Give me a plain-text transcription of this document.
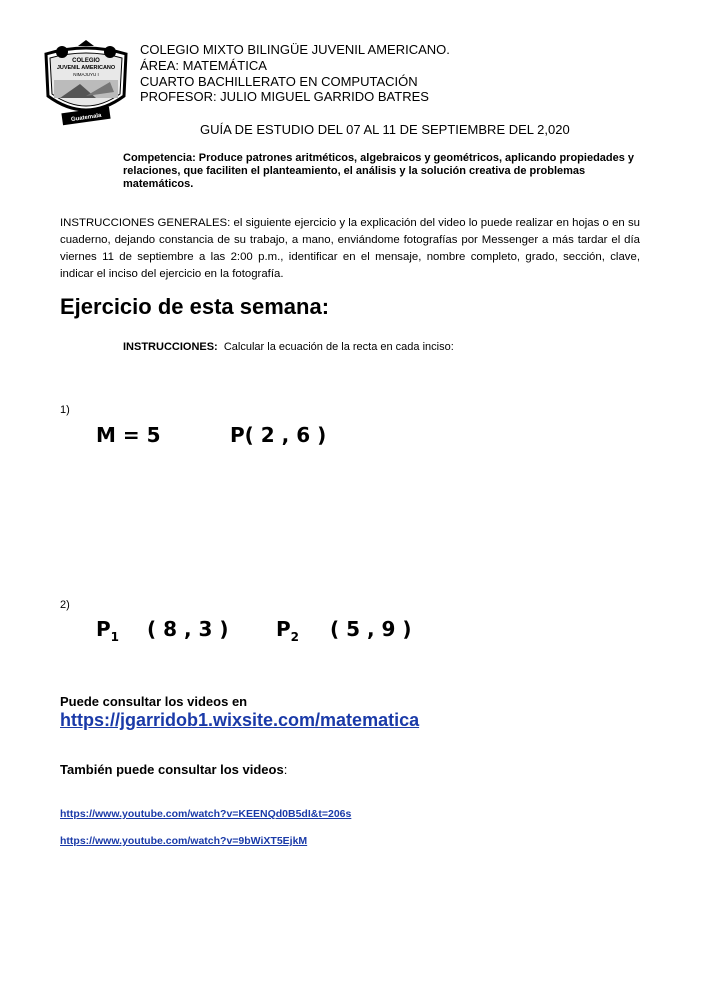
COLEGIO
JUVENIL AMERICANO
NIMAJUYU I
Guatemala
COLEGIO MIXTO BILINGÜE JUVENIL AMERICANO.
ÁREA: MATEMÁTICA
CUARTO BACHILLERATO EN COMPUTACIÓN
PROFESOR: JULIO MIGUEL GARRIDO BATRES
GUÍA DE ESTUDIO DEL 07 AL 11 DE SEPTIEMBRE DEL 2,020
Competencia: Produce patrones aritméticos, algebraicos y geométricos, aplicando propiedades y relaciones, que faciliten el planteamiento, el análisis y la solución creativa de problemas matemáticos.
INSTRUCCIONES GENERALES: el siguiente ejercicio y la explicación del video lo puede realizar en hojas o en su cuaderno, dejando constancia de su trabajo, a mano, enviándome fotografías por Messenger a más tardar el día viernes 11 de septiembre a las 2:00 p.m., identificar en el mensaje, nombre completo, grado, sección, clave, indicar el inciso del ejercicio en la fotografía.
Ejercicio de esta semana:
INSTRUCCIONES: Calcular la ecuación de la recta en cada inciso:
1)
M = 5	P( 2 , 6 )
2)
$P_1$ ( 8 , 3 ) $P_2$ ( 5 , 9 )
Puede consultar los videos en
https://jgarridob1.wixsite.com/matematica
También puede consultar los videos:
https://www.youtube.com/watch?v=KEENQd0B5dI&t=206s
https://www.youtube.com/watch?v=9bWiXT5EjkM
